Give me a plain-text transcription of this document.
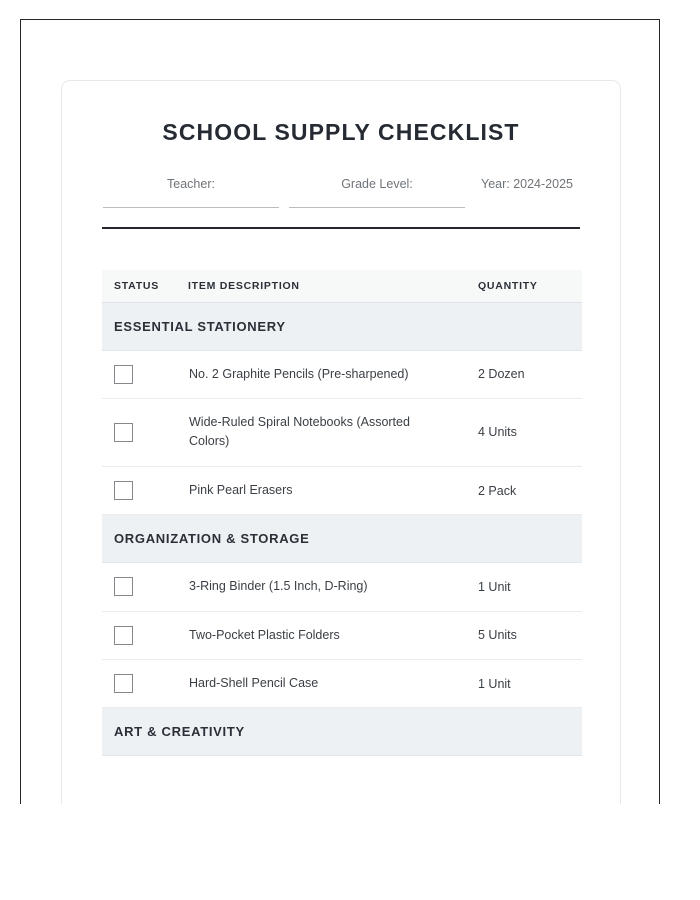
SCHOOL SUPPLY CHECKLIST
Teacher:	Grade Level:	Year: 2024-2025
STATUS	ITEM DESCRIPTION	QUANTITY
ESSENTIAL STATIONERY		

	No. 2 Graphite Pencils (Pre-sharpened)	2 Dozen

	Wide-Ruled Spiral Notebooks (Assorted Colors)	4 Units

	Pink Pearl Erasers	2 Pack
ORGANIZATION & STORAGE		

	3-Ring Binder (1.5 Inch, D-Ring)	1 Unit

	Two-Pocket Plastic Folders	5 Units

	Hard-Shell Pencil Case	1 Unit
ART & CREATIVITY		
